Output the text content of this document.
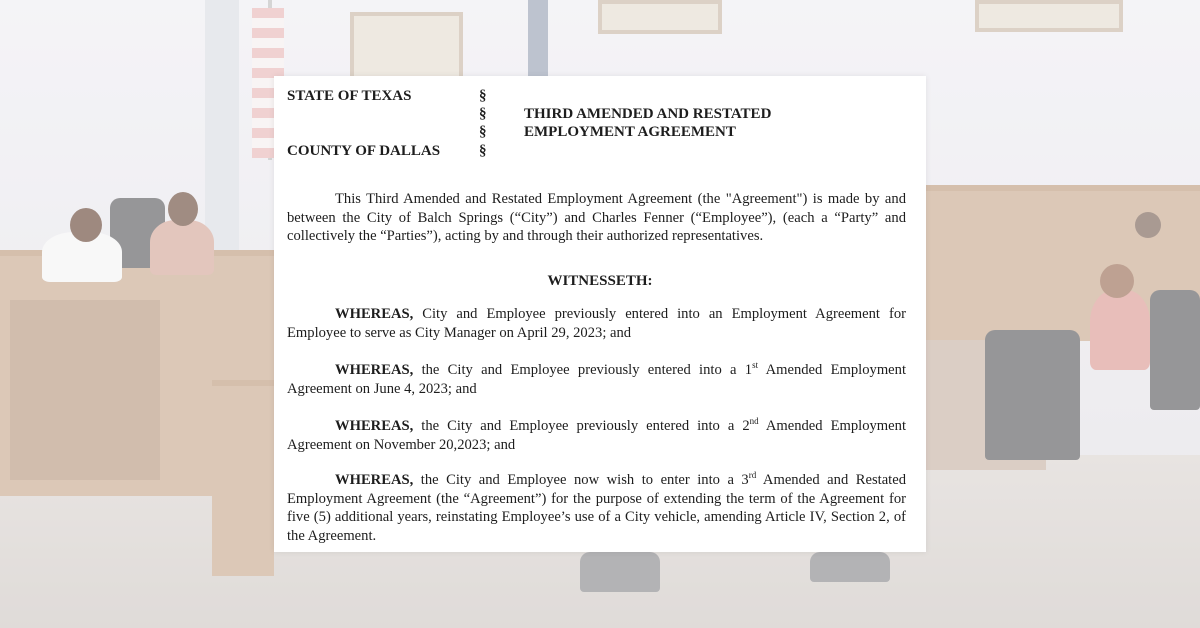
STATE OF TEXAS
COUNTY OF DALLAS
§
§
§
§
THIRD AMENDED AND RESTATED
EMPLOYMENT AGREEMENT
This Third Amended and Restated Employment Agreement (the "Agreement") is made by and between the City of Balch Springs (“City”) and Charles Fenner (“Employee”), (each a “Party” and collectively the “Parties”), acting by and through their authorized representatives.
WITNESSETH:
WHEREAS, City and Employee previously entered into an Employment Agreement for Employee to serve as City Manager on April 29, 2023; and
WHEREAS, the City and Employee previously entered into a 1st Amended Employment Agreement on June 4, 2023; and
WHEREAS, the City and Employee previously entered into a 2nd Amended Employment Agreement on November 20,2023; and
WHEREAS, the City and Employee now wish to enter into a 3rd Amended and Restated Employment Agreement (the “Agreement”) for the purpose of extending the term of the Agreement for five (5) additional years, reinstating Employee’s use of a City vehicle, amending Article IV, Section 2, of the Agreement.
